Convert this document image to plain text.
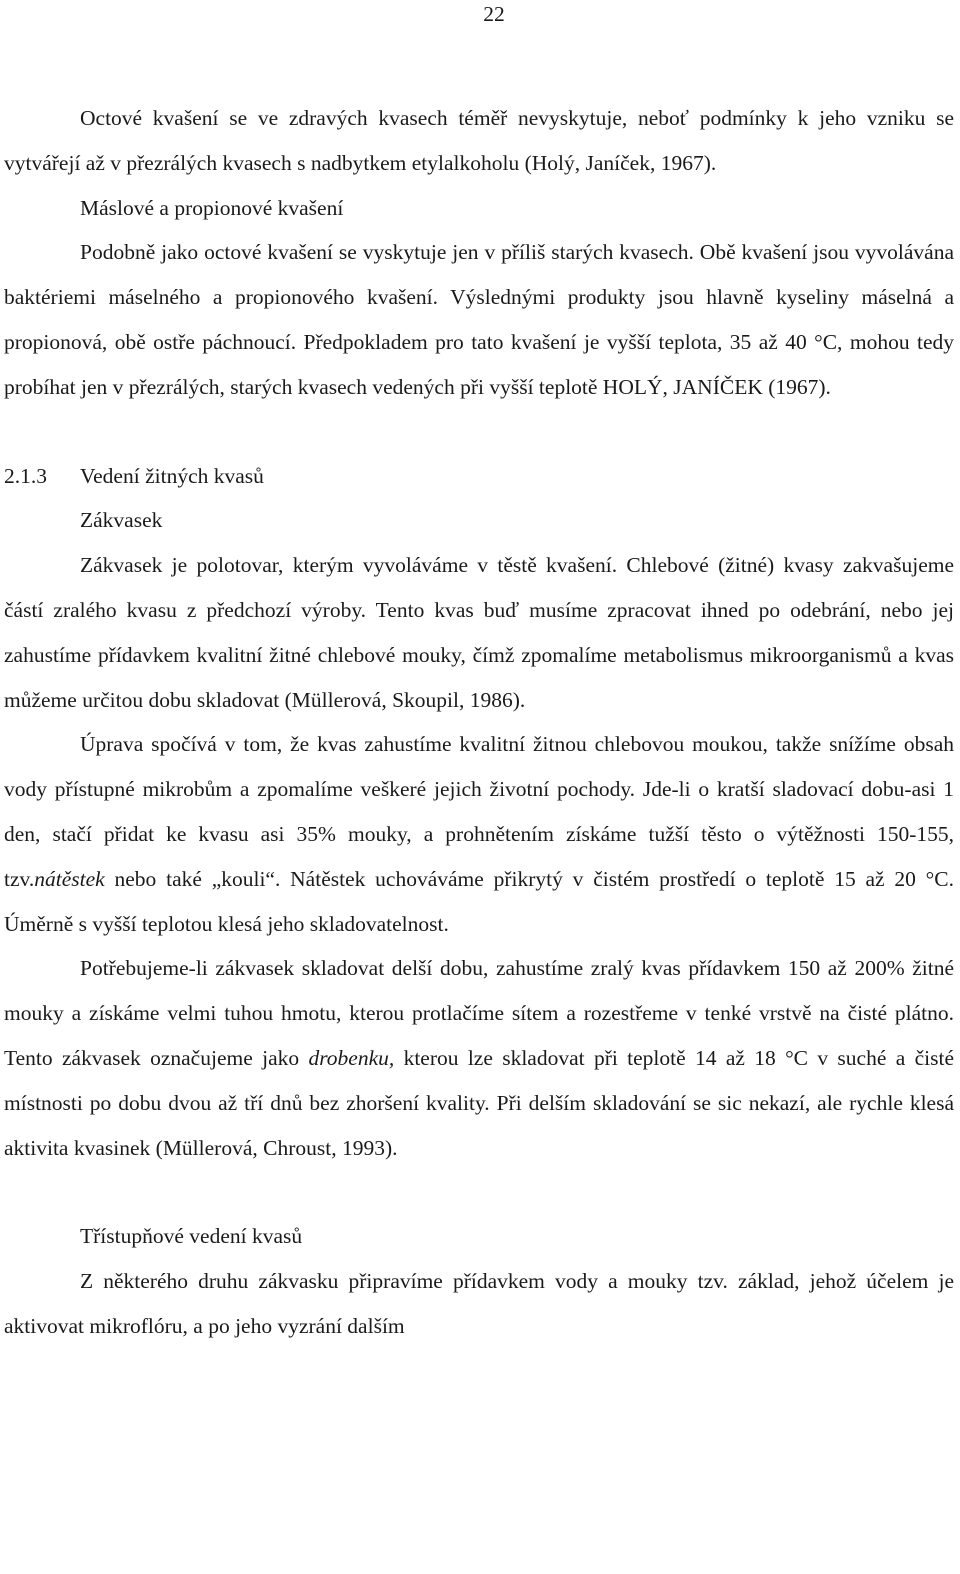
22

Octové kvašení se ve zdravých kvasech téměř nevyskytuje, neboť podmínky k jeho vzniku se vytvářejí až v přezrálých kvasech s nadbytkem etylalkoholu (Holý, Janíček, 1967).

Máslové a propionové kvašení

Podobně jako octové kvašení se vyskytuje jen v příliš starých kvasech. Obě kvašení jsou vyvolávána baktériemi máselného a propionového kvašení. Výslednými produkty jsou hlavně kyseliny máselná a propionová, obě ostře páchnoucí. Předpokladem pro tato kvašení je vyšší teplota, 35 až 40 °C, mohou tedy probíhat jen v přezrálých, starých kvasech vedených při vyšší teplotě HOLÝ, JANÍČEK (1967).

2.1.3 Vedení žitných kvasů
Zákvasek

Zákvasek je polotovar, kterým vyvoláváme v těstě kvašení. Chlebové (žitné) kvasy zakvašujeme částí zralého kvasu z předchozí výroby. Tento kvas buď musíme zpracovat ihned po odebrání, nebo jej zahustíme přídavkem kvalitní žitné chlebové mouky, čímž zpomalíme metabolismus mikroorganismů a kvas můžeme určitou dobu skladovat (Müllerová, Skoupil, 1986).

Úprava spočívá v tom, že kvas zahustíme kvalitní žitnou chlebovou moukou, takže snížíme obsah vody přístupné mikrobům a zpomalíme veškeré jejich životní pochody. Jde-li o kratší sladovací dobu-asi 1 den, stačí přidat ke kvasu asi 35% mouky, a prohnětením získáme tužší těsto o výtěžnosti 150-155, tzv.nátěstek nebo také „kouli“. Nátěstek uchováváme přikrytý v čistém prostředí o teplotě 15 až 20 °C. Úměrně s vyšší teplotou klesá jeho skladovatelnost.

Potřebujeme-li zákvasek skladovat delší dobu, zahustíme zralý kvas přídavkem 150 až 200% žitné mouky a získáme velmi tuhou hmotu, kterou protlačíme sítem a rozestřeme v tenké vrstvě na čisté plátno. Tento zákvasek označujeme jako drobenku, kterou lze skladovat při teplotě 14 až 18 °C v suché a čisté místnosti po dobu dvou až tří dnů bez zhoršení kvality. Při delším skladování se sic nekazí, ale rychle klesá aktivita kvasinek (Müllerová, Chroust, 1993).

Třístupňové vedení kvasů

Z některého druhu zákvasku připravíme přídavkem vody a mouky tzv. základ, jehož účelem je aktivovat mikroflóru, a po jeho vyzrání dalším
